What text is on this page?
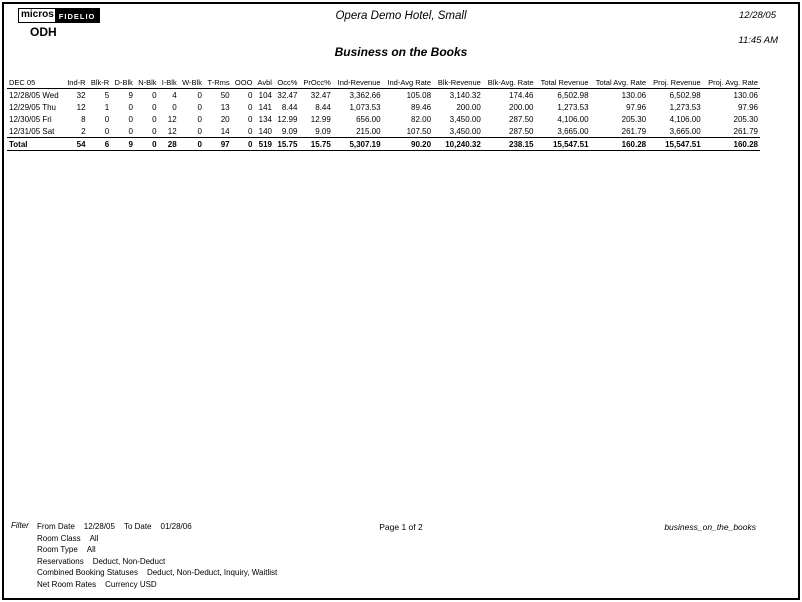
micros FIDELIO
ODH
Opera Demo Hotel, Small	12/28/05
11:45 AM
Business on the Books
DEC 05	Ind-R	Blk-R	D-Blk	N-Blk	I-Blk	W-Blk	T-Rms	OOO	Avbl	Occ%	PrOcc%	Ind-Revenue	Ind-Avg Rate	Blk-Revenue	Blk-Avg. Rate	Total Revenue	Total Avg. Rate	Proj. Revenue	Proj. Avg. Rate
12/28/05 Wed	32	5	9	0	4	0	50	0	104	32.47	32.47	3,362.66	105.08	3,140.32	174.46	6,502.98	130.06	6,502.98	130.06
12/29/05 Thu	12	1	0	0	0	0	13	0	141	8.44	8.44	1,073.53	89.46	200.00	200.00	1,273.53	97.96	1,273.53	97.96
12/30/05 Fri	8	0	0	0	12	0	20	0	134	12.99	12.99	656.00	82.00	3,450.00	287.50	4,106.00	205.30	4,106.00	205.30
12/31/05 Sat	2	0	0	0	12	0	14	0	140	9.09	9.09	215.00	107.50	3,450.00	287.50	3,665.00	261.79	3,665.00	261.79
Total	54	6	9	0	28	0	97	0	519	15.75	15.75	5,307.19	90.20	10,240.32	238.15	15,547.51	160.28	15,547.51	160.28
Filter From Date 12/28/05 To Date 01/28/06
Room Class All
Room Type All
Reservations Deduct, Non-Deduct
Combined Booking Statuses Deduct, Non-Deduct, Inquiry, Waitlist
Net Room Rates Currency USD
Page 1 of 2	business_on_the_books
